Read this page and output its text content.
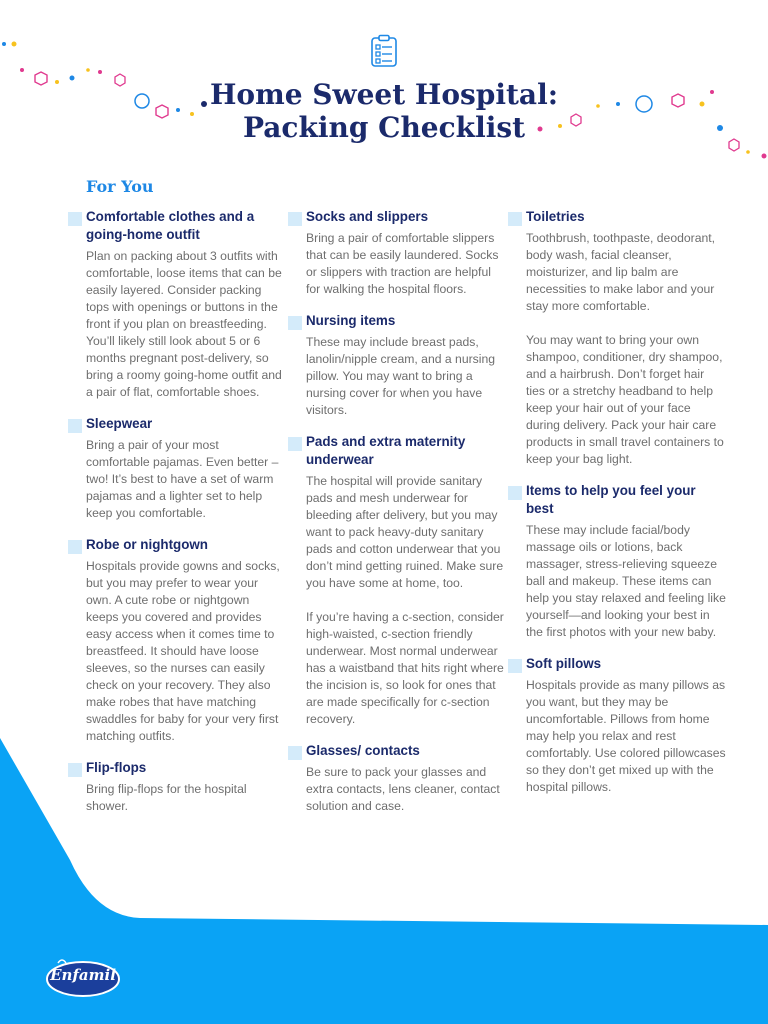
Home Sweet Hospital:
Packing Checklist
For You
Comfortable clothes and a going-home outfit

Plan on packing about 3 outfits with comfortable, loose items that can be easily layered. Consider packing tops with openings or buttons in the front if you plan on breastfeeding. You’ll likely still look about 5 or 6 months pregnant post-delivery, so bring a roomy going-home outfit and a pair of flat, comfortable shoes.

Sleepwear

Bring a pair of your most comfortable pajamas. Even better – two! It’s best to have a set of warm pajamas and a lighter set to help keep you comfortable.

Robe or nightgown

Hospitals provide gowns and socks, but you may prefer to wear your own. A cute robe or nightgown keeps you covered and provides easy access when it comes time to breastfeed. It should have loose sleeves, so the nurses can easily check on your recovery. They also make robes that have matching swaddles for baby for your very first matching outfits.

Flip-flops

Bring flip-flops for the hospital shower.

Socks and slippers

Bring a pair of comfortable slippers that can be easily laundered. Socks or slippers with traction are helpful for walking the hospital floors.

Nursing items

These may include breast pads, lanolin/nipple cream, and a nursing pillow. You may want to bring a nursing cover for when you have visitors.

Pads and extra maternity underwear

The hospital will provide sanitary pads and mesh underwear for bleeding after delivery, but you may want to pack heavy-duty sanitary pads and cotton underwear that you don’t mind getting ruined. Make sure you have some at home, too.

If you’re having a c-section, consider high-waisted, c-section friendly underwear. Most normal underwear has a waistband that hits right where the incision is, so look for ones that are made specifically for c-section recovery.

Glasses/ contacts

Be sure to pack your glasses and extra contacts, lens cleaner, contact solution and case.

Toiletries

Toothbrush, toothpaste, deodorant, body wash, facial cleanser, moisturizer, and lip balm are necessities to make labor and your stay more comfortable.

You may want to bring your own shampoo, conditioner, dry shampoo, and a hairbrush. Don’t forget hair ties or a stretchy headband to help keep your hair out of your face during delivery. Pack your hair care products in small travel containers to keep your bag light.

Items to help you feel your best

These may include facial/body massage oils or lotions, back massager, stress-relieving squeeze ball and makeup. These items can help you stay relaxed and feeling like yourself—and looking your best in the first photos with your new baby.

Soft pillows

Hospitals provide as many pillows as you want, but they may be uncomfortable. Pillows from home may help you relax and rest comfortably. Use colored pillowcases so they don’t get mixed up with the hospital pillows.

Enfamil
